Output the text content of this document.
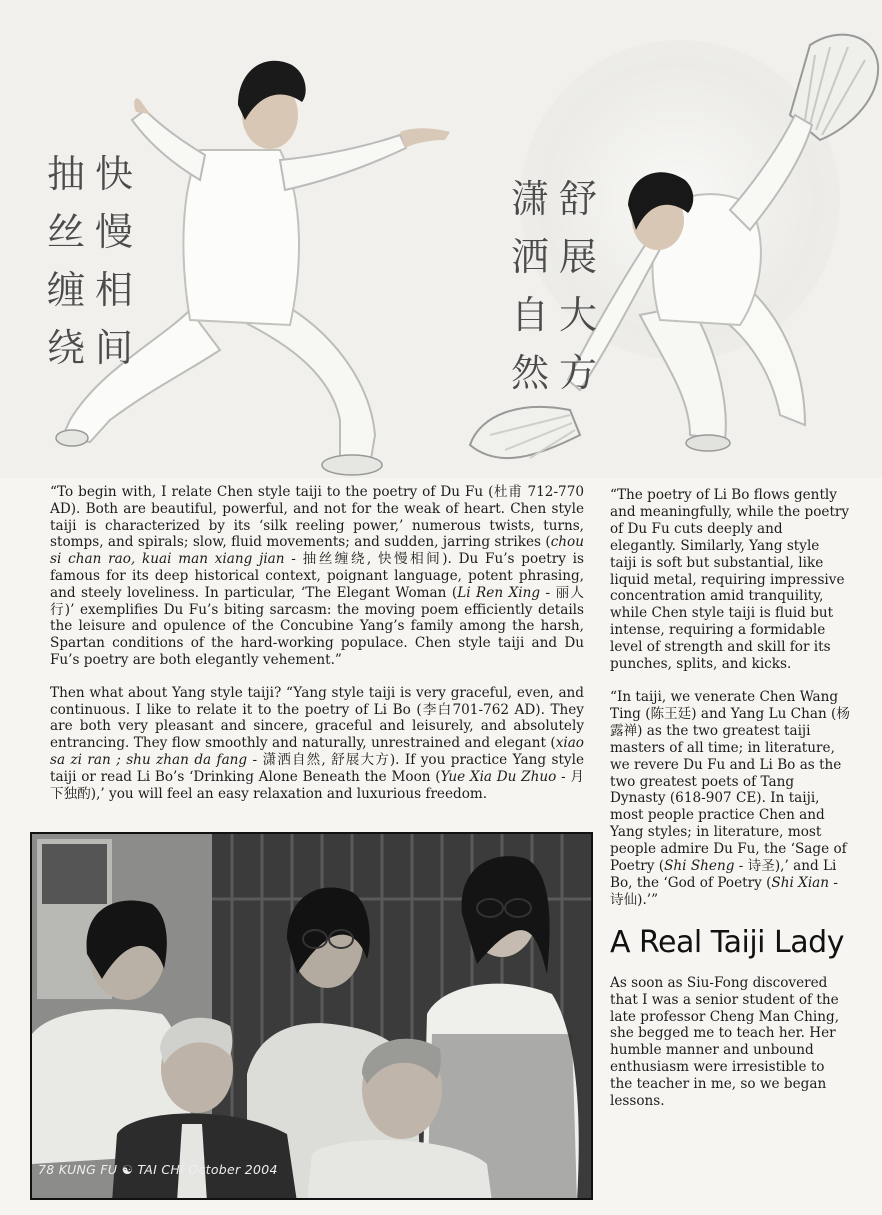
抽
丝
缠
绕
快
慢
相
间
潇
洒
自
然
舒
展
大
方

“To begin with, I relate Chen style taiji to the poetry of Du Fu (杜甫 712-770 AD). Both are beautiful, powerful, and not for the weak of heart. Chen style taiji is characterized by its ‘silk reeling power,’ numerous twists, turns, stomps, and spirals; slow, fluid movements; and sudden, jarring strikes (chou si chan rao, kuai man xiang jian - 抽丝缠绕, 快慢相间). Du Fu’s poetry is famous for its deep historical context, poignant language, potent phrasing, and steely loveliness. In particular, ‘The Elegant Woman (Li Ren Xing - 丽人行)’ exemplifies Du Fu’s biting sarcasm: the moving poem efficiently details the leisure and opulence of the Concubine Yang’s family among the harsh, Spartan conditions of the hard-working populace. Chen style taiji and Du Fu’s poetry are both elegantly vehement.”

Then what about Yang style taiji? “Yang style taiji is very graceful, even, and continuous. I like to relate it to the poetry of Li Bo (李白701-762 AD). They are both very pleasant and sincere, graceful and leisurely, and absolutely entrancing. They flow smoothly and naturally, unrestrained and elegant (xiao sa zi ran ; shu zhan da fang - 潇洒自然, 舒展大方). If you practice Yang style taiji or read Li Bo’s ‘Drinking Alone Beneath the Moon (Yue Xia Du Zhuo - 月下独酌),’ you will feel an easy relaxation and luxurious freedom.

“The poetry of Li Bo flows gently and meaningfully, while the poetry of Du Fu cuts deeply and elegantly. Similarly, Yang style taiji is soft but substantial, like liquid metal, requiring impressive concentration amid tranquility, while Chen style taiji is fluid but intense, requiring a formidable level of strength and skill for its punches, splits, and kicks.

“In taiji, we venerate Chen Wang Ting (陈王廷) and Yang Lu Chan (杨露禅) as the two greatest taiji masters of all time; in literature, we revere Du Fu and Li Bo as the two greatest poets of Tang Dynasty (618-907 CE). In taiji, most people practice Chen and Yang styles; in literature, most people admire Du Fu, the ‘Sage of Poetry (Shi Sheng - 诗圣),’ and Li Bo, the ‘God of Poetry (Shi Xian - 诗仙).’”

A Real Taiji Lady

As soon as Siu-Fong discovered that I was a senior student of the late professor Cheng Man Ching, she begged me to teach her. Her humble manner and unbound enthusiasm were irresistible to the teacher in me, so we began lessons.

78 KUNG FU ☯ TAI CHI October 2004
